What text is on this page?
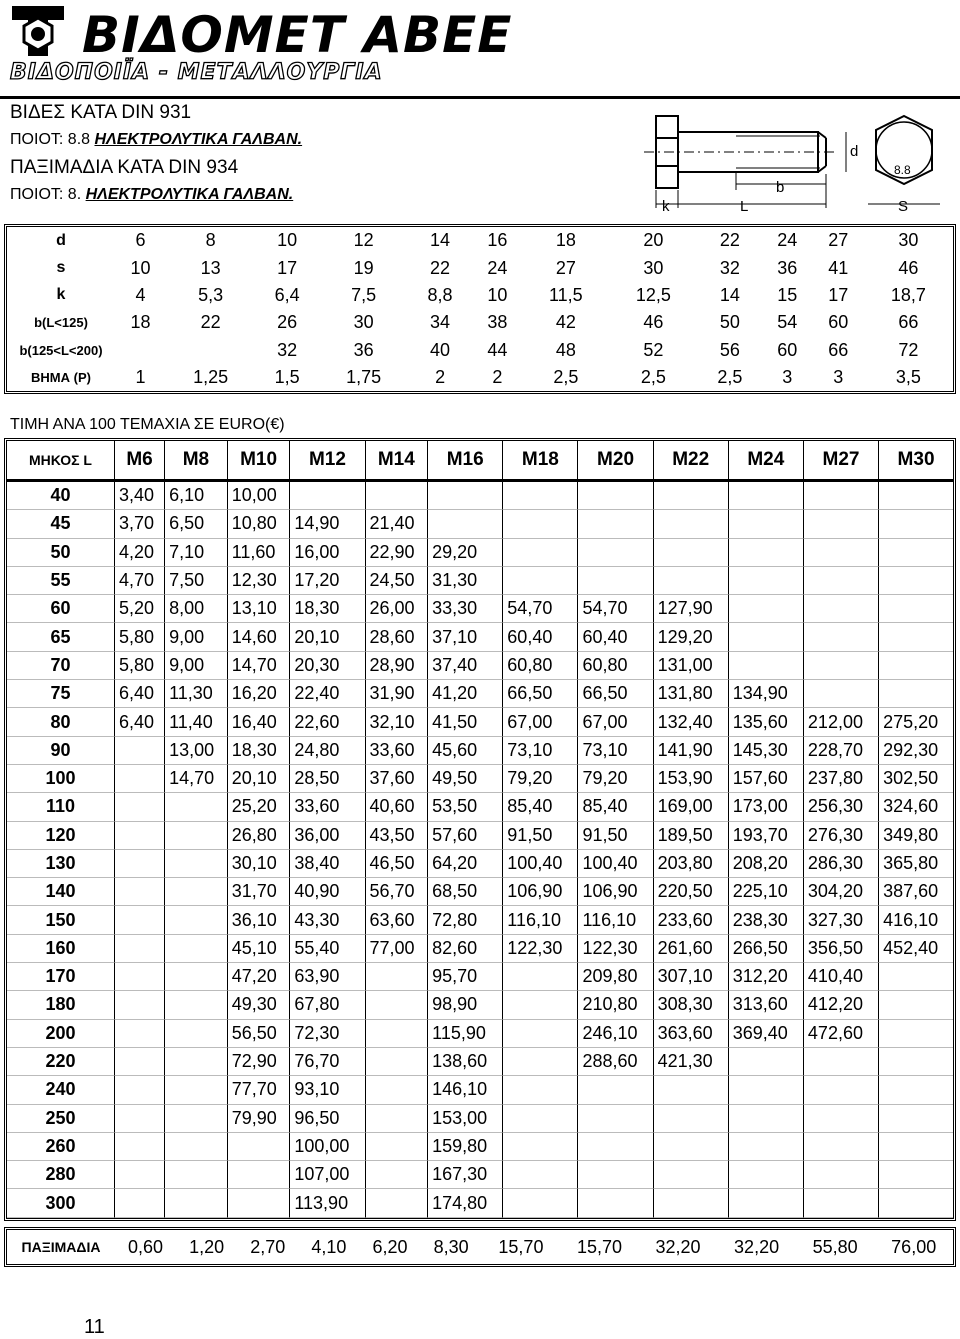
ΒΙΔΟΜΕΤ ΑΒΕΕ
ΒΙΔΟΠΟΙΪΑ - ΜΕΤΑΛΛΟΥΡΓΙΑ
ΒΙΔΕΣ ΚΑΤΑ DIN 931
ΠΟΙΟΤ: 8.8 ΗΛΕΚΤΡΟΛΥΤΙΚΑ ΓΑΛΒΑΝ.
ΠΑΞΙΜΑΔΙΑ ΚΑΤΑ DIN 934
ΠΟΙΟΤ: 8. ΗΛΕΚΤΡΟΛΥΤΙΚΑ ΓΑΛΒΑΝ.
k	L
b
d
S
8.8
d	6	8	10	12	14	16	18	20	22	24	27	30
s	10	13	17	19	22	24	27	30	32	36	41	46
k	4	5,3	6,4	7,5	8,8	10	11,5	12,5	14	15	17	18,7
b(L<125)	18	22	26	30	34	38	42	46	50	54	60	66
b(125<L<200)			32	36	40	44	48	52	56	60	66	72
ΒΗΜΑ (P)	1	1,25	1,5	1,75	2	2	2,5	2,5	2,5	3	3	3,5
ΤΙΜΗ ΑΝΑ 100 ΤΕΜΑΧΙΑ ΣΕ EURO(€)
ΜΗΚΟΣ L	M6	M8	M10	M12	M14	M16	M18	M20	M22	M24	M27	M30
40	3,40	6,10	10,00									
45	3,70	6,50	10,80	14,90	21,40							
50	4,20	7,10	11,60	16,00	22,90	29,20						
55	4,70	7,50	12,30	17,20	24,50	31,30						
60	5,20	8,00	13,10	18,30	26,00	33,30	54,70	54,70	127,90			
65	5,80	9,00	14,60	20,10	28,60	37,10	60,40	60,40	129,20			
70	5,80	9,00	14,70	20,30	28,90	37,40	60,80	60,80	131,00			
75	6,40	11,30	16,20	22,40	31,90	41,20	66,50	66,50	131,80	134,90		
80	6,40	11,40	16,40	22,60	32,10	41,50	67,00	67,00	132,40	135,60	212,00	275,20
90		13,00	18,30	24,80	33,60	45,60	73,10	73,10	141,90	145,30	228,70	292,30
100		14,70	20,10	28,50	37,60	49,50	79,20	79,20	153,90	157,60	237,80	302,50
110			25,20	33,60	40,60	53,50	85,40	85,40	169,00	173,00	256,30	324,60
120			26,80	36,00	43,50	57,60	91,50	91,50	189,50	193,70	276,30	349,80
130			30,10	38,40	46,50	64,20	100,40	100,40	203,80	208,20	286,30	365,80
140			31,70	40,90	56,70	68,50	106,90	106,90	220,50	225,10	304,20	387,60
150			36,10	43,30	63,60	72,80	116,10	116,10	233,60	238,30	327,30	416,10
160			45,10	55,40	77,00	82,60	122,30	122,30	261,60	266,50	356,50	452,40
170			47,20	63,90		95,70		209,80	307,10	312,20	410,40	
180			49,30	67,80		98,90		210,80	308,30	313,60	412,20	
200			56,50	72,30		115,90		246,10	363,60	369,40	472,60	
220			72,90	76,70		138,60		288,60	421,30			
240			77,70	93,10		146,10						
250			79,90	96,50		153,00						
260				100,00		159,80						
280				107,00		167,30						
300				113,90		174,80						
ΠΑΞΙΜΑΔΙΑ	0,60	1,20	2,70	4,10	6,20	8,30	15,70	15,70	32,20	32,20	55,80	76,00
11
